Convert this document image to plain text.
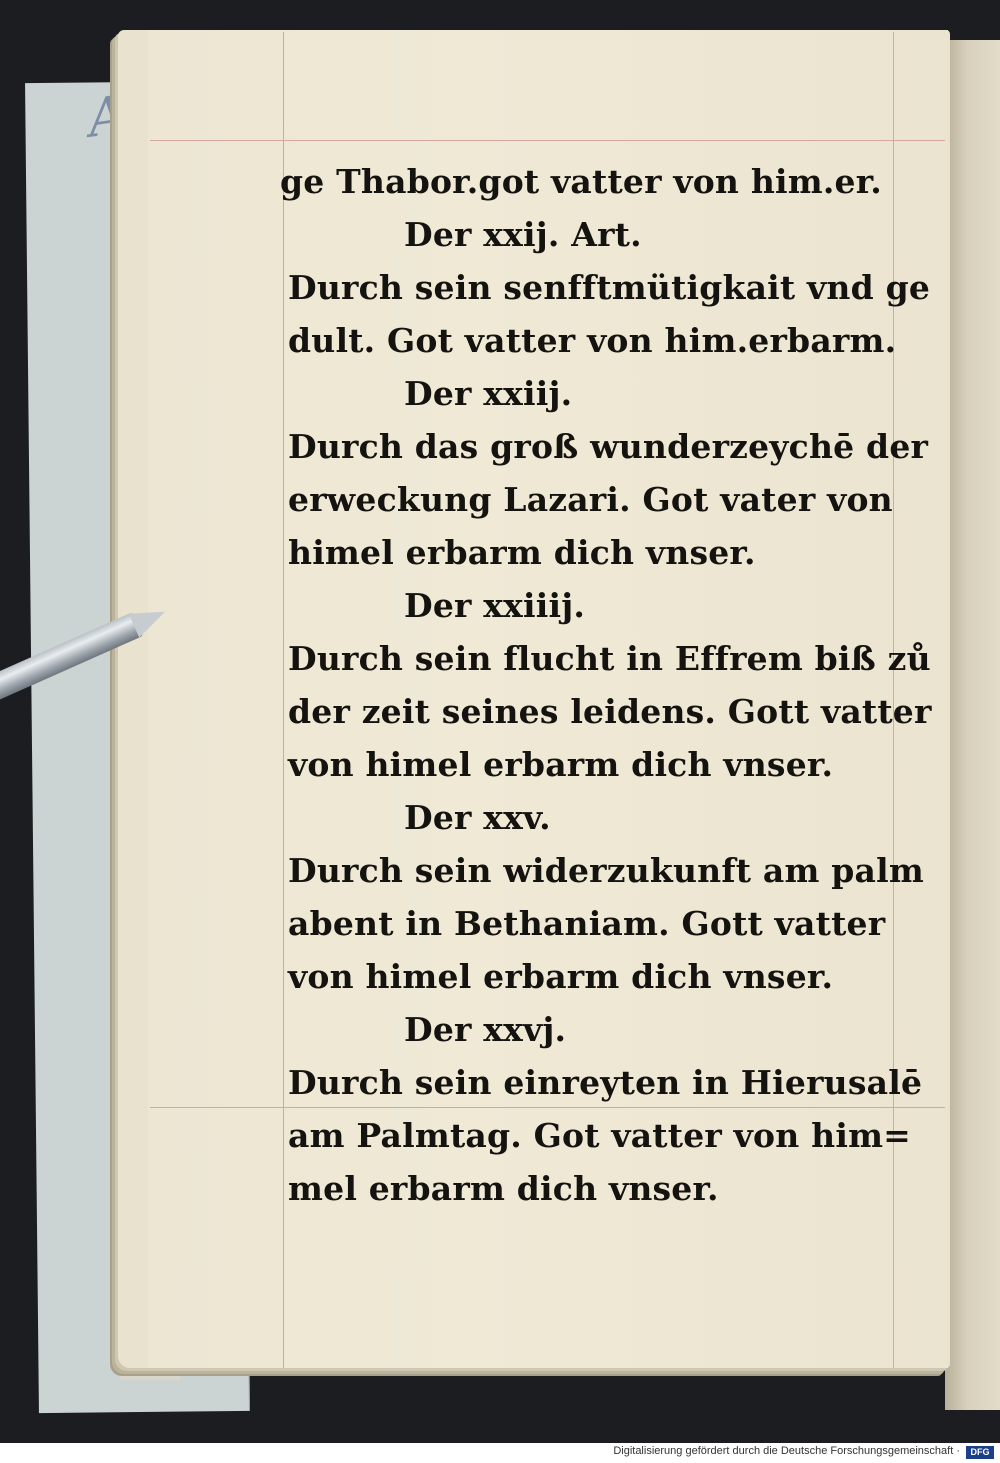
ge Thabor.got vatter von him.er.
Der xxij. Art.
Durch sein senfftmütigkait vnd ge
dult. Got vatter von him.erbarm.
Der xxiij.
Durch das groß wunderzeychē der
erweckung Lazari. Got vater von
himel erbarm dich vnser.
Der xxiiij.
Durch sein flucht in Effrem biß zů
der zeit seines leidens. Gott vatter
von himel erbarm dich vnser.
Der xxv.
Durch sein widerzukunft am palm
abent in Bethaniam. Gott vatter
von himel erbarm dich vnser.
Der xxvj.
Durch sein einreyten in Hierusalē
am Palmtag. Got vatter von him=
mel erbarm dich vnser.
Digitalisierung gefördert durch die Deutsche Forschungsgemeinschaft ·	DFG
